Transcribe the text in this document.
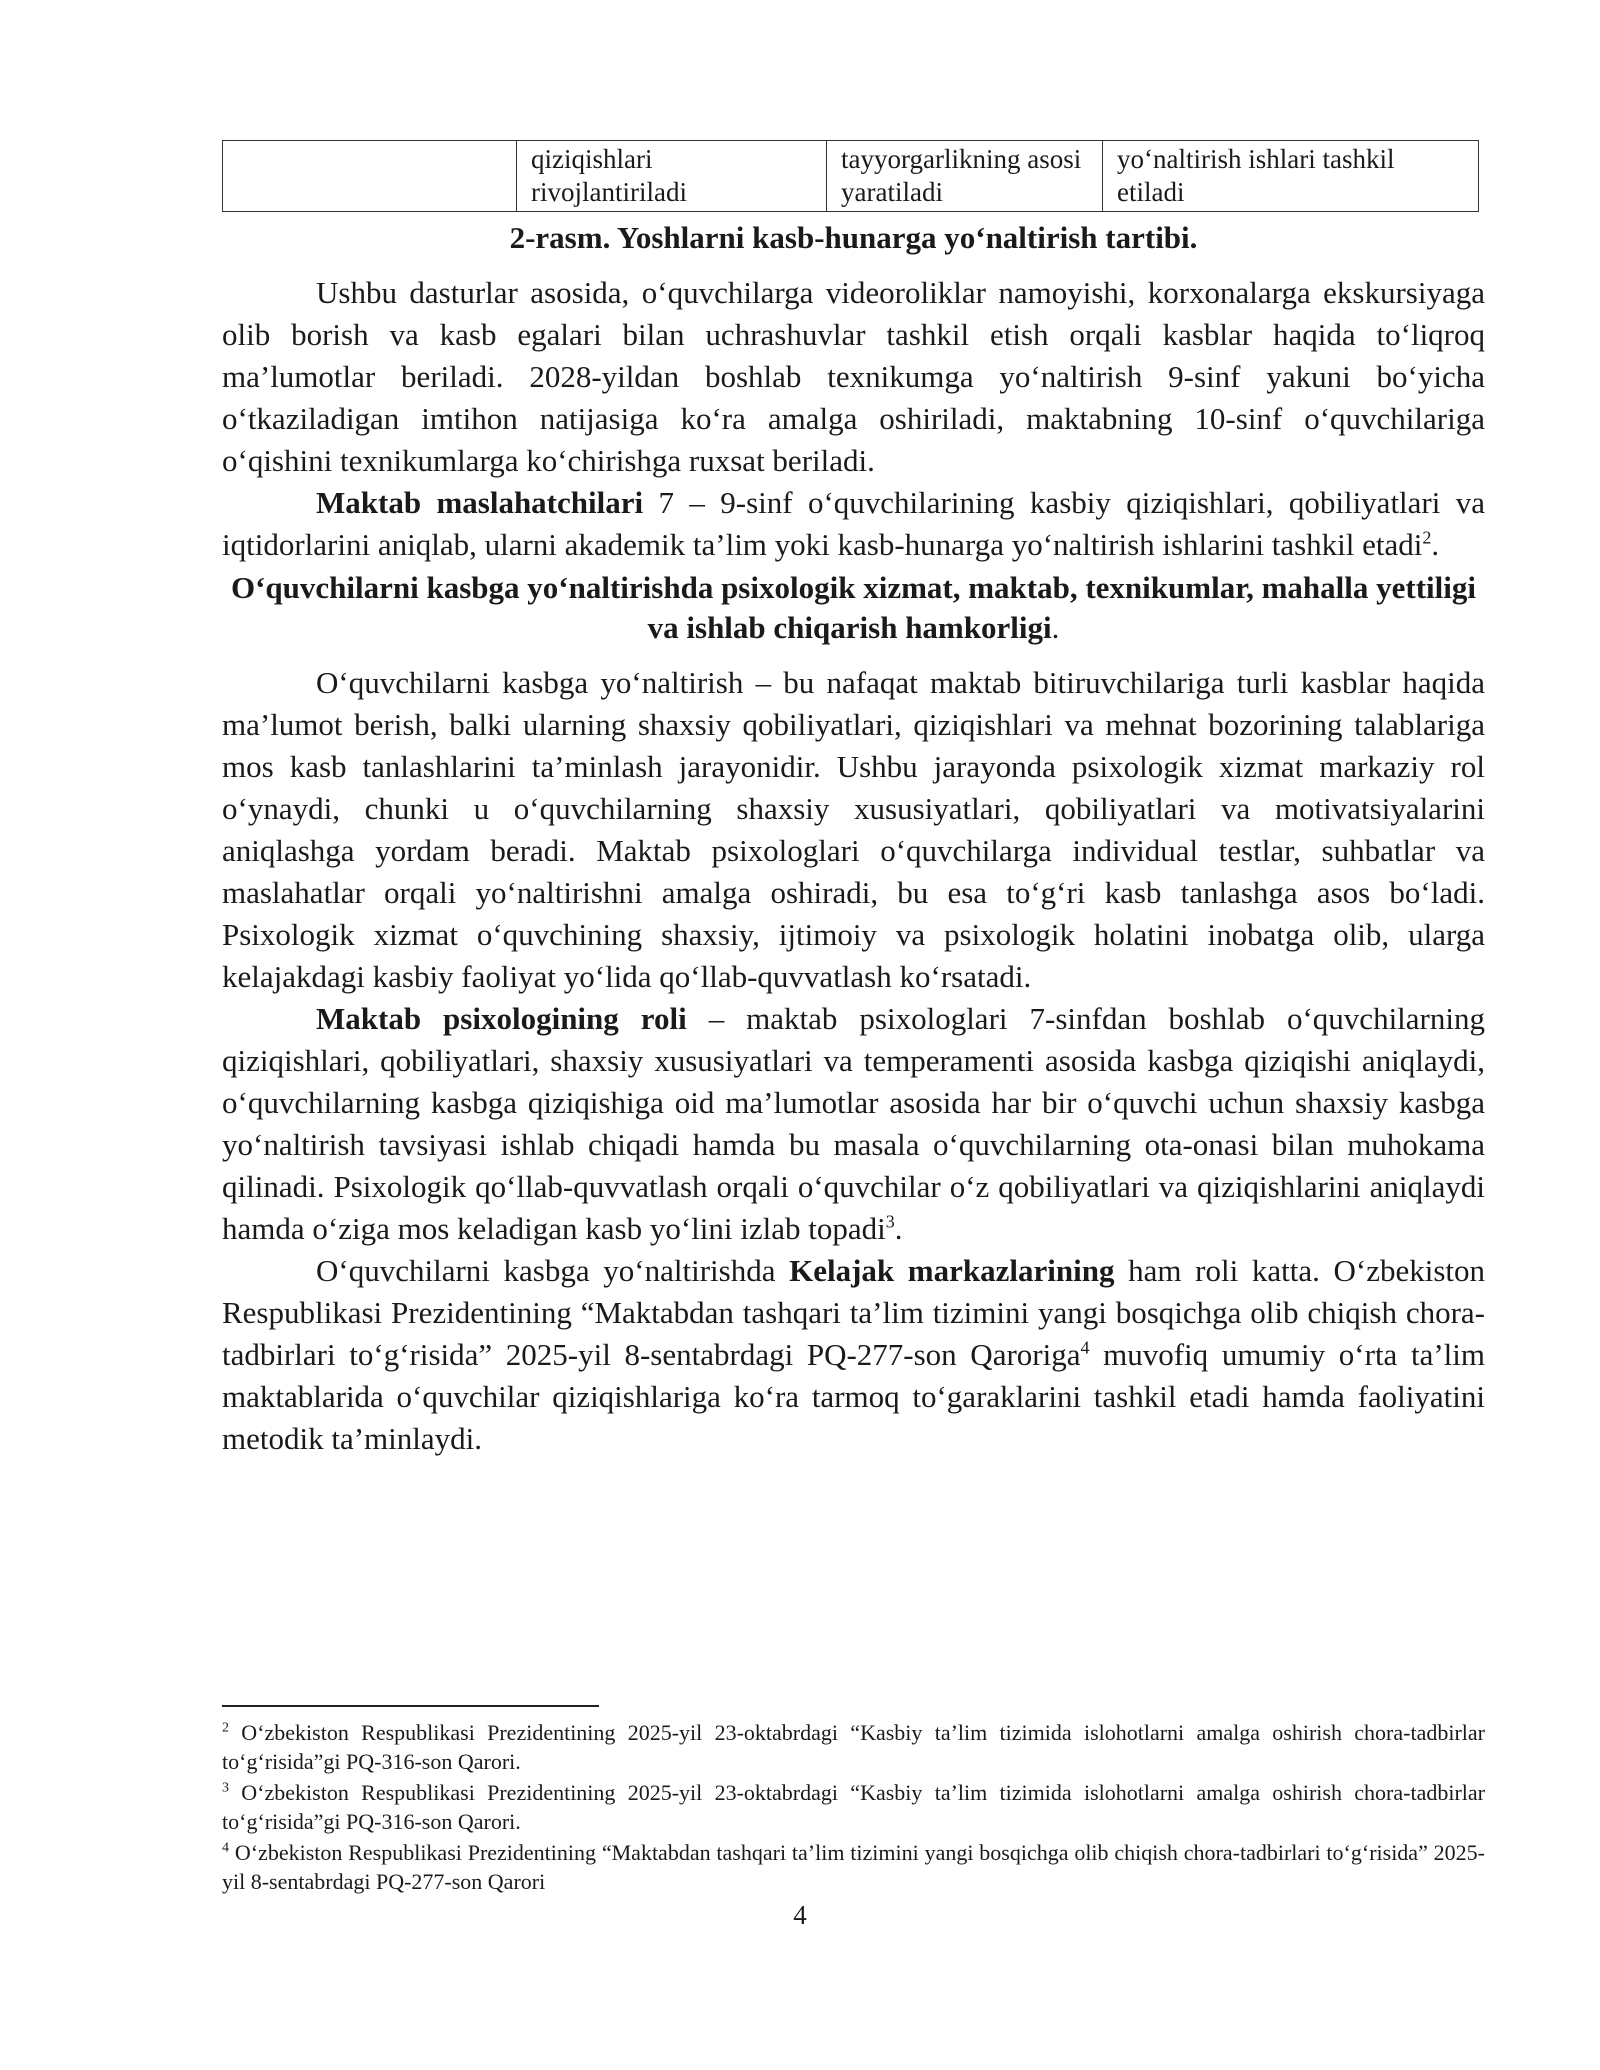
	qiziqishlari rivojlantiriladi	tayyorgarlikning asosi yaratiladi	yo‘naltirish ishlari tashkil etiladi
2-rasm. Yoshlarni kasb-hunarga yo‘naltirish tartibi.

Ushbu dasturlar asosida, o‘quvchilarga videoroliklar namoyishi, korxonalarga ekskursiyaga olib borish va kasb egalari bilan uchrashuvlar tashkil etish orqali kasblar haqida to‘liqroq ma’lumotlar beriladi. 2028-yildan boshlab texnikumga yo‘naltirish 9-sinf yakuni bo‘yicha o‘tkaziladigan imtihon natijasiga ko‘ra amalga oshiriladi, maktabning 10-sinf o‘quvchilariga o‘qishini texnikumlarga ko‘chirishga ruxsat beriladi.

Maktab maslahatchilari 7 – 9-sinf o‘quvchilarining kasbiy qiziqishlari, qobiliyatlari va iqtidorlarini aniqlab, ularni akademik ta’lim yoki kasb-hunarga yo‘naltirish ishlarini tashkil etadi$^2$.

O‘quvchilarni kasbga yo‘naltirishda psixologik xizmat, maktab, texnikumlar, mahalla yettiligi va ishlab chiqarish hamkorligi.

O‘quvchilarni kasbga yo‘naltirish – bu nafaqat maktab bitiruvchilariga turli kasblar haqida ma’lumot berish, balki ularning shaxsiy qobiliyatlari, qiziqishlari va mehnat bozorining talablariga mos kasb tanlashlarini ta’minlash jarayonidir. Ushbu jarayonda psixologik xizmat markaziy rol o‘ynaydi, chunki u o‘quvchilarning shaxsiy xususiyatlari, qobiliyatlari va motivatsiyalarini aniqlashga yordam beradi. Maktab psixologlari o‘quvchilarga individual testlar, suhbatlar va maslahatlar orqali yo‘naltirishni amalga oshiradi, bu esa to‘g‘ri kasb tanlashga asos bo‘ladi. Psixologik xizmat o‘quvchining shaxsiy, ijtimoiy va psixologik holatini inobatga olib, ularga kelajakdagi kasbiy faoliyat yo‘lida qo‘llab-quvvatlash ko‘rsatadi.

Maktab psixologining roli – maktab psixologlari 7-sinfdan boshlab o‘quvchilarning qiziqishlari, qobiliyatlari, shaxsiy xususiyatlari va temperamenti asosida kasbga qiziqishi aniqlaydi, o‘quvchilarning kasbga qiziqishiga oid ma’lumotlar asosida har bir o‘quvchi uchun shaxsiy kasbga yo‘naltirish tavsiyasi ishlab chiqadi hamda bu masala o‘quvchilarning ota-onasi bilan muhokama qilinadi. Psixologik qo‘llab-quvvatlash orqali o‘quvchilar o‘z qobiliyatlari va qiziqishlarini aniqlaydi hamda o‘ziga mos keladigan kasb yo‘lini izlab topadi$^3$.

O‘quvchilarni kasbga yo‘naltirishda Kelajak markazlarining ham roli katta. O‘zbekiston Respublikasi Prezidentining “Maktabdan tashqari ta’lim tizimini yangi bosqichga olib chiqish chora-tadbirlari to‘g‘risida” 2025-yil 8-sentabrdagi PQ-277-son Qaroriga$^4$ muvofiq umumiy o‘rta ta’lim maktablarida o‘quvchilar qiziqishlariga ko‘ra tarmoq to‘garaklarini tashkil etadi hamda faoliyatini metodik ta’minlaydi.

$^2$ O‘zbekiston Respublikasi Prezidentining 2025-yil 23-oktabrdagi “Kasbiy ta’lim tizimida islohotlarni amalga oshirish chora-tadbirlar to‘g‘risida”gi PQ-316-son Qarori.
$^3$ O‘zbekiston Respublikasi Prezidentining 2025-yil 23-oktabrdagi “Kasbiy ta’lim tizimida islohotlarni amalga oshirish chora-tadbirlar to‘g‘risida”gi PQ-316-son Qarori.
$^4$ O‘zbekiston Respublikasi Prezidentining “Maktabdan tashqari ta’lim tizimini yangi bosqichga olib chiqish chora-tadbirlari to‘g‘risida” 2025-yil 8-sentabrdagi PQ-277-son Qarori
4
